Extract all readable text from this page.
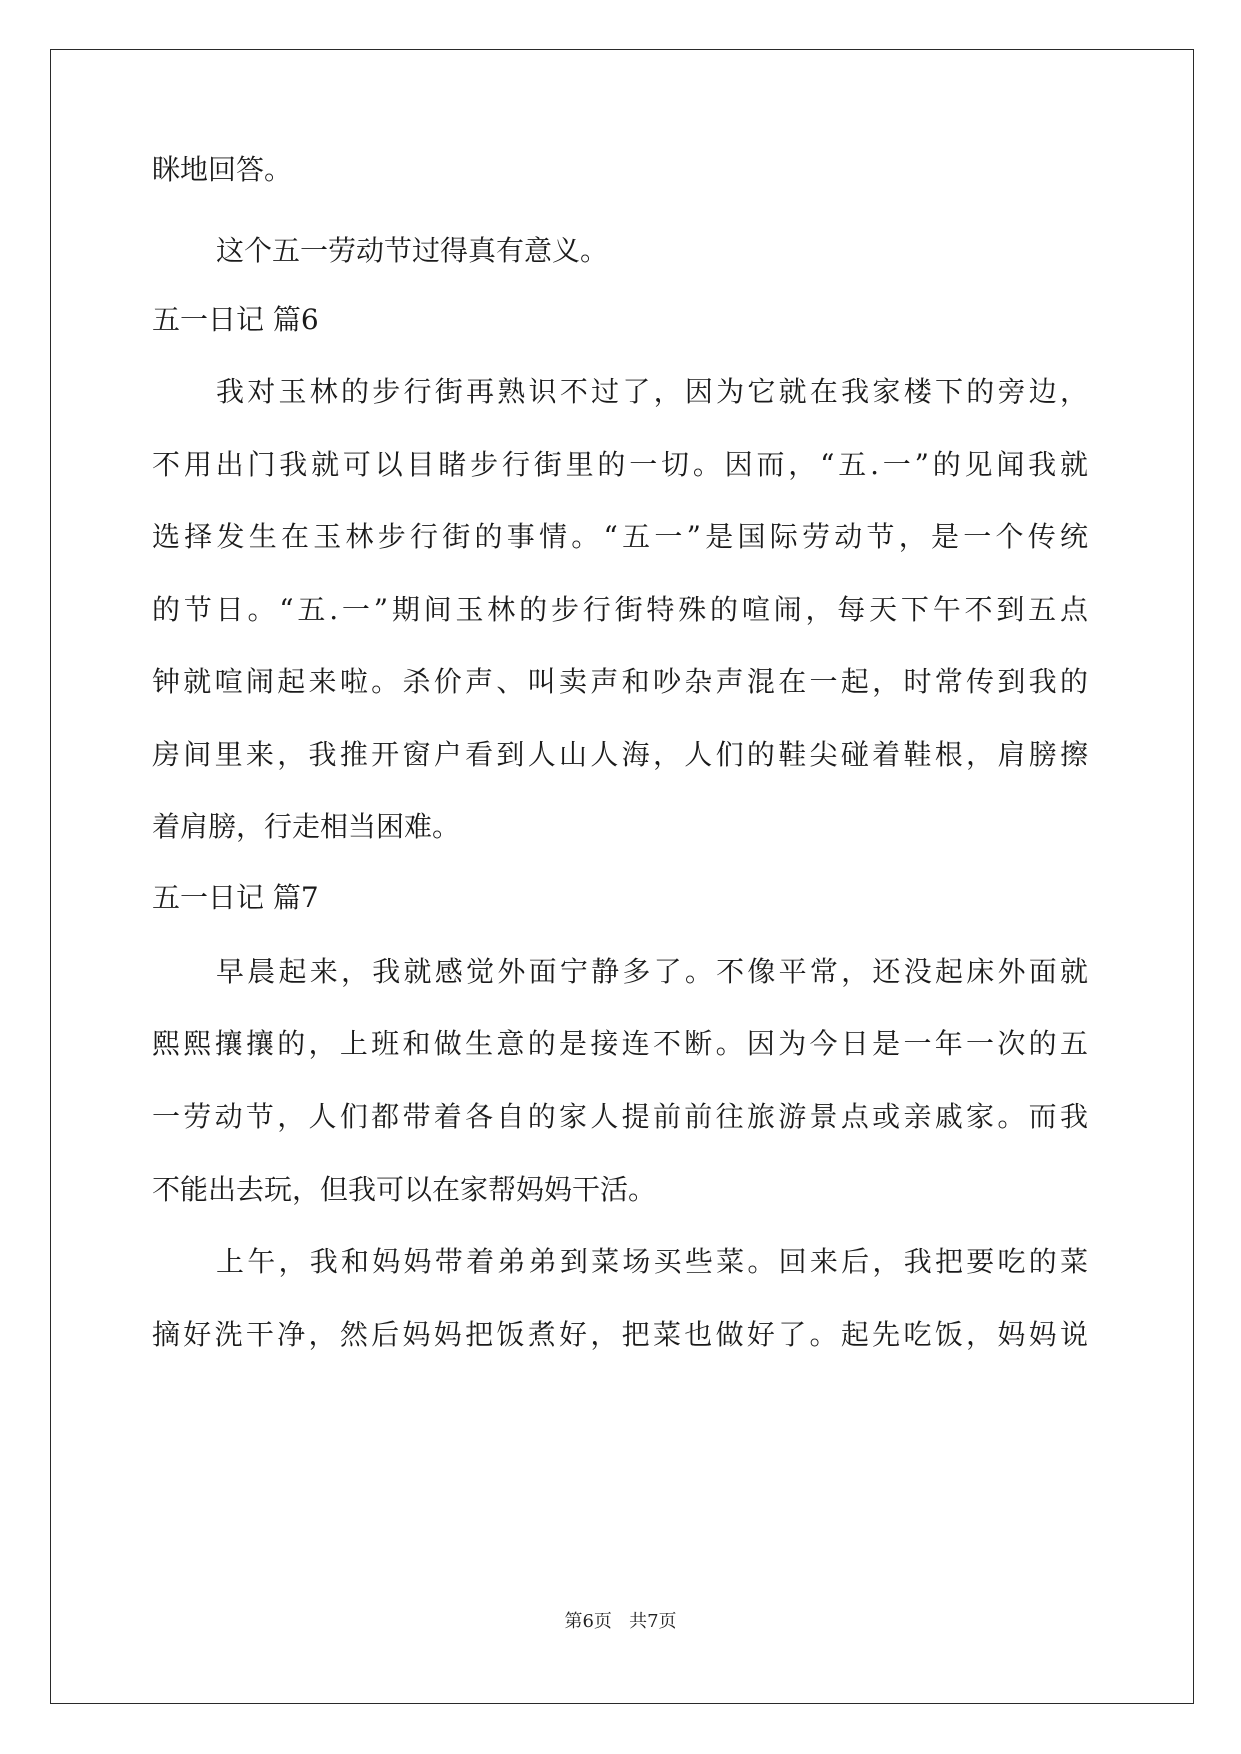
眯地回答。
这个五一劳动节过得真有意义。
五一日记 篇6
我对玉林的步行街再熟识不过了，因为它就在我家楼下的旁边，
不用出门我就可以目睹步行街里的一切。因而，“五.一”的见闻我就
选择发生在玉林步行街的事情。“五一”是国际劳动节，是一个传统
的节日。“五.一”期间玉林的步行街特殊的喧闹，每天下午不到五点
钟就喧闹起来啦。杀价声、叫卖声和吵杂声混在一起，时常传到我的
房间里来，我推开窗户看到人山人海，人们的鞋尖碰着鞋根，肩膀擦
着肩膀，行走相当困难。
五一日记 篇7
早晨起来，我就感觉外面宁静多了。不像平常，还没起床外面就
熙熙攘攘的，上班和做生意的是接连不断。因为今日是一年一次的五
一劳动节，人们都带着各自的家人提前前往旅游景点或亲戚家。而我
不能出去玩，但我可以在家帮妈妈干活。
上午，我和妈妈带着弟弟到菜场买些菜。回来后，我把要吃的菜
摘好洗干净，然后妈妈把饭煮好，把菜也做好了。起先吃饭，妈妈说
第6页 共7页
